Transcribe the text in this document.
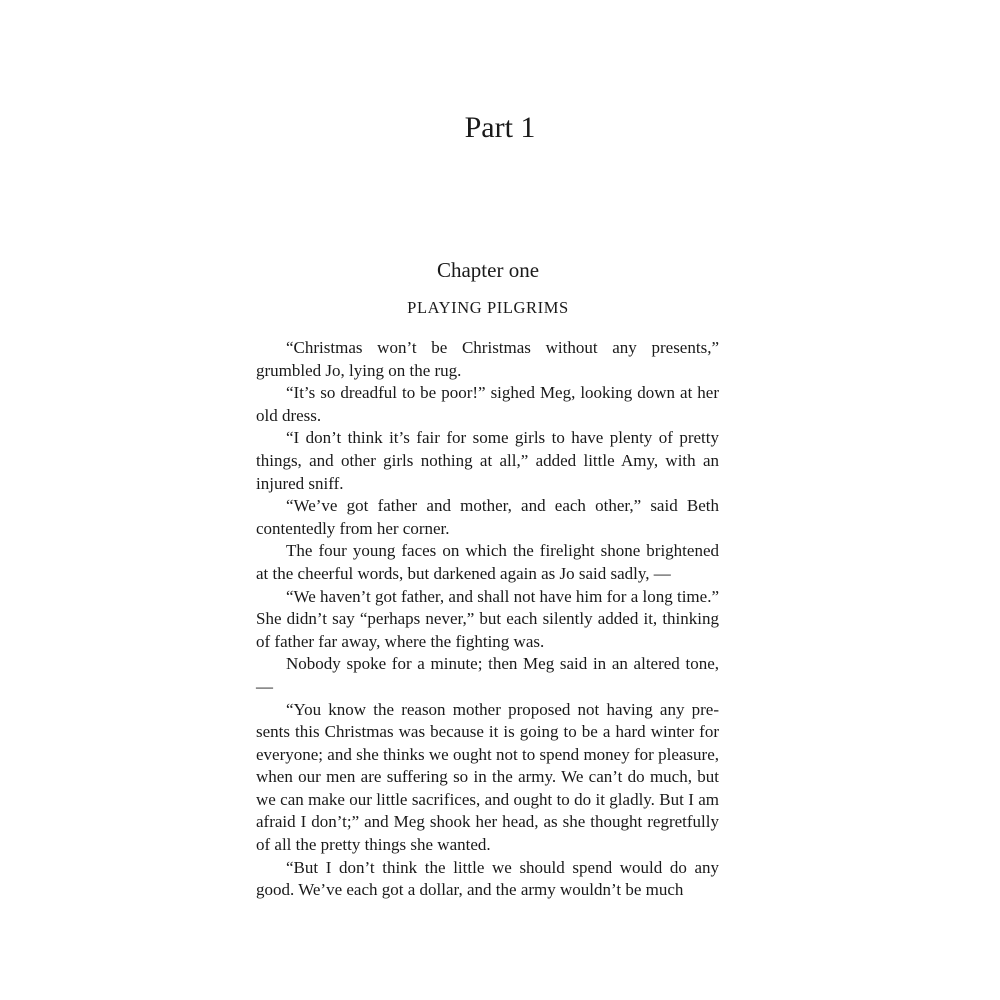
Part 1
Chapter one
PLAYING PILGRIMS

“Christmas won’t be Christmas without any presents,” grumbled Jo, lying on the rug.

“It’s so dreadful to be poor!” sighed Meg, looking down at her old dress.

“I don’t think it’s fair for some girls to have plenty of pretty things, and other girls nothing at all,” added little Amy, with an injured sniff.

“We’ve got father and mother, and each other,” said Beth contentedly from her corner.

The four young faces on which the firelight shone brightened at the cheerful words, but darkened again as Jo said sadly, —

“We haven’t got father, and shall not have him for a long time.” She didn’t say “perhaps never,” but each silently added it, thinking of father far away, where the fighting was.

Nobody spoke for a minute; then Meg said in an altered tone, —

“You know the reason mother proposed not having any pre-sents this Christmas was because it is going to be a hard winter for everyone; and she thinks we ought not to spend money for pleasure, when our men are suffering so in the army. We can’t do much, but we can make our little sacrifices, and ought to do it gladly. But I am afraid I don’t;” and Meg shook her head, as she thought regretfully of all the pretty things she wanted.

“But I don’t think the little we should spend would do any good. We’ve each got a dollar, and the army wouldn’t be much
